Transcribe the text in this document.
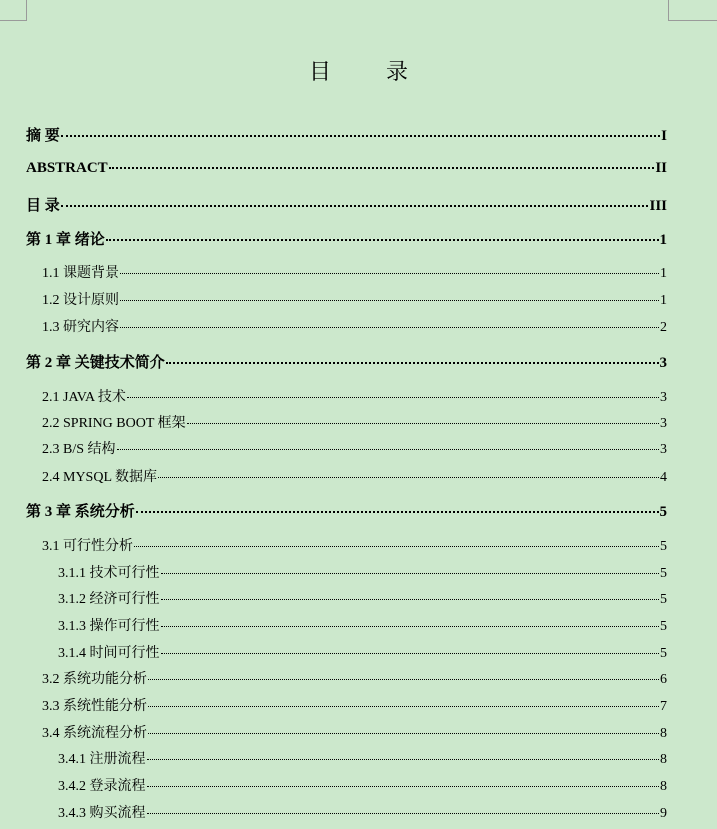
目 录
摘 要	I
ABSTRACT	II
目 录	III
第 1 章 绪论	1
1.1 课题背景	1
1.2 设计原则	1
1.3 研究内容	2
第 2 章 关键技术简介	3
2.1 JAVA 技术	3
2.2 SPRING BOOT 框架	3
2.3 B/S 结构	3
2.4 MYSQL 数据库	4
第 3 章 系统分析	5
3.1 可行性分析	5
3.1.1 技术可行性	5
3.1.2 经济可行性	5
3.1.3 操作可行性	5
3.1.4 时间可行性	5
3.2 系统功能分析	6
3.3 系统性能分析	7
3.4 系统流程分析	8
3.4.1 注册流程	8
3.4.2 登录流程	8
3.4.3 购买流程	9
